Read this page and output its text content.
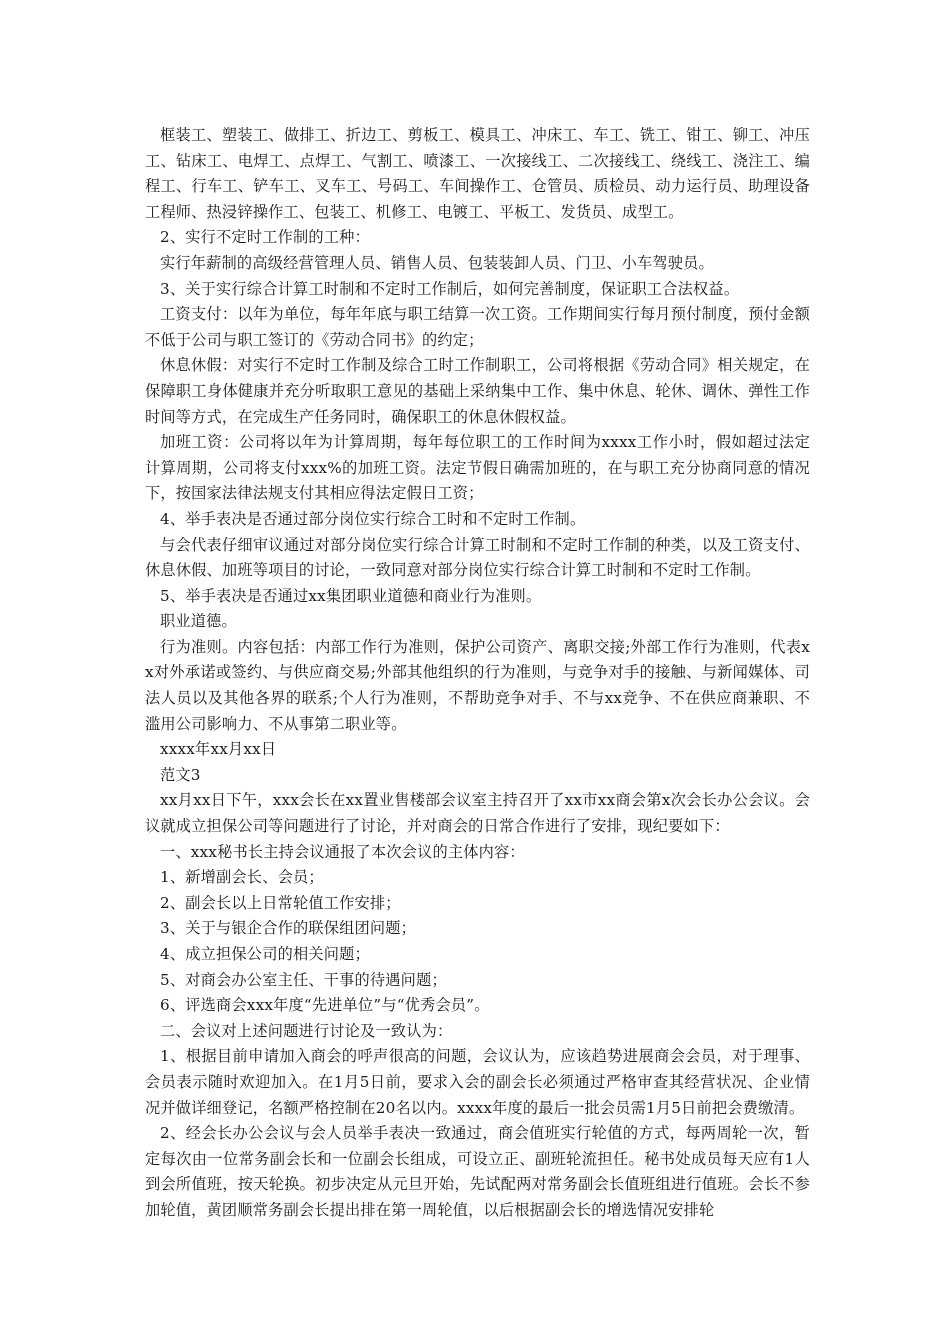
框装工、塑装工、做排工、折边工、剪板工、模具工、冲床工、车工、铣工、钳工、铆工、冲压工、钻床工、电焊工、点焊工、气割工、喷漆工、一次接线工、二次接线工、绕线工、浇注工、编程工、行车工、铲车工、叉车工、号码工、车间操作工、仓管员、质检员、动力运行员、助理设备工程师、热浸锌操作工、包装工、机修工、电镀工、平板工、发货员、成型工。

2、实行不定时工作制的工种：

实行年薪制的高级经营管理人员、销售人员、包装装卸人员、门卫、小车驾驶员。

3、关于实行综合计算工时制和不定时工作制后，如何完善制度，保证职工合法权益。

工资支付：以年为单位，每年年底与职工结算一次工资。工作期间实行每月预付制度，预付金额不低于公司与职工签订的《劳动合同书》的约定；

休息休假：对实行不定时工作制及综合工时工作制职工，公司将根据《劳动合同》相关规定，在保障职工身体健康并充分听取职工意见的基础上采纳集中工作、集中休息、轮休、调休、弹性工作时间等方式，在完成生产任务同时，确保职工的休息休假权益。

加班工资：公司将以年为计算周期，每年每位职工的工作时间为xxxx工作小时，假如超过法定计算周期，公司将支付xxx%的加班工资。法定节假日确需加班的，在与职工充分协商同意的情况下，按国家法律法规支付其相应得法定假日工资；

4、举手表决是否通过部分岗位实行综合工时和不定时工作制。

与会代表仔细审议通过对部分岗位实行综合计算工时制和不定时工作制的种类，以及工资支付、休息休假、加班等项目的讨论，一致同意对部分岗位实行综合计算工时制和不定时工作制。

5、举手表决是否通过xx集团职业道德和商业行为准则。

职业道德。

行为准则。内容包括：内部工作行为准则，保护公司资产、离职交接;外部工作行为准则，代表xx对外承诺或签约、与供应商交易;外部其他组织的行为准则，与竞争对手的接触、与新闻媒体、司法人员以及其他各界的联系;个人行为准则，不帮助竞争对手、不与xx竞争、不在供应商兼职、不滥用公司影响力、不从事第二职业等。

xxxx年xx月xx日

范文3

xx月xx日下午，xxx会长在xx置业售楼部会议室主持召开了xx市xx商会第x次会长办公会议。会议就成立担保公司等问题进行了讨论，并对商会的日常合作进行了安排，现纪要如下：

一、xxx秘书长主持会议通报了本次会议的主体内容：

1、新增副会长、会员；

2、副会长以上日常轮值工作安排；

3、关于与银企合作的联保组团问题；

4、成立担保公司的相关问题；

5、对商会办公室主任、干事的待遇问题；

6、评选商会xxx年度“先进单位”与“优秀会员”。

二、会议对上述问题进行讨论及一致认为：

1、根据目前申请加入商会的呼声很高的问题，会议认为，应该趋势进展商会会员，对于理事、会员表示随时欢迎加入。在1月5日前，要求入会的副会长必须通过严格审查其经营状况、企业情况并做详细登记，名额严格控制在20名以内。xxxx年度的最后一批会员需1月5日前把会费缴清。

2、经会长办公会议与会人员举手表决一致通过，商会值班实行轮值的方式，每两周轮一次，暂定每次由一位常务副会长和一位副会长组成，可设立正、副班轮流担任。秘书处成员每天应有1人到会所值班，按天轮换。初步决定从元旦开始，先试配两对常务副会长值班组进行值班。会长不参加轮值，黄团顺常务副会长提出排在第一周轮值，以后根据副会长的增选情况安排轮
